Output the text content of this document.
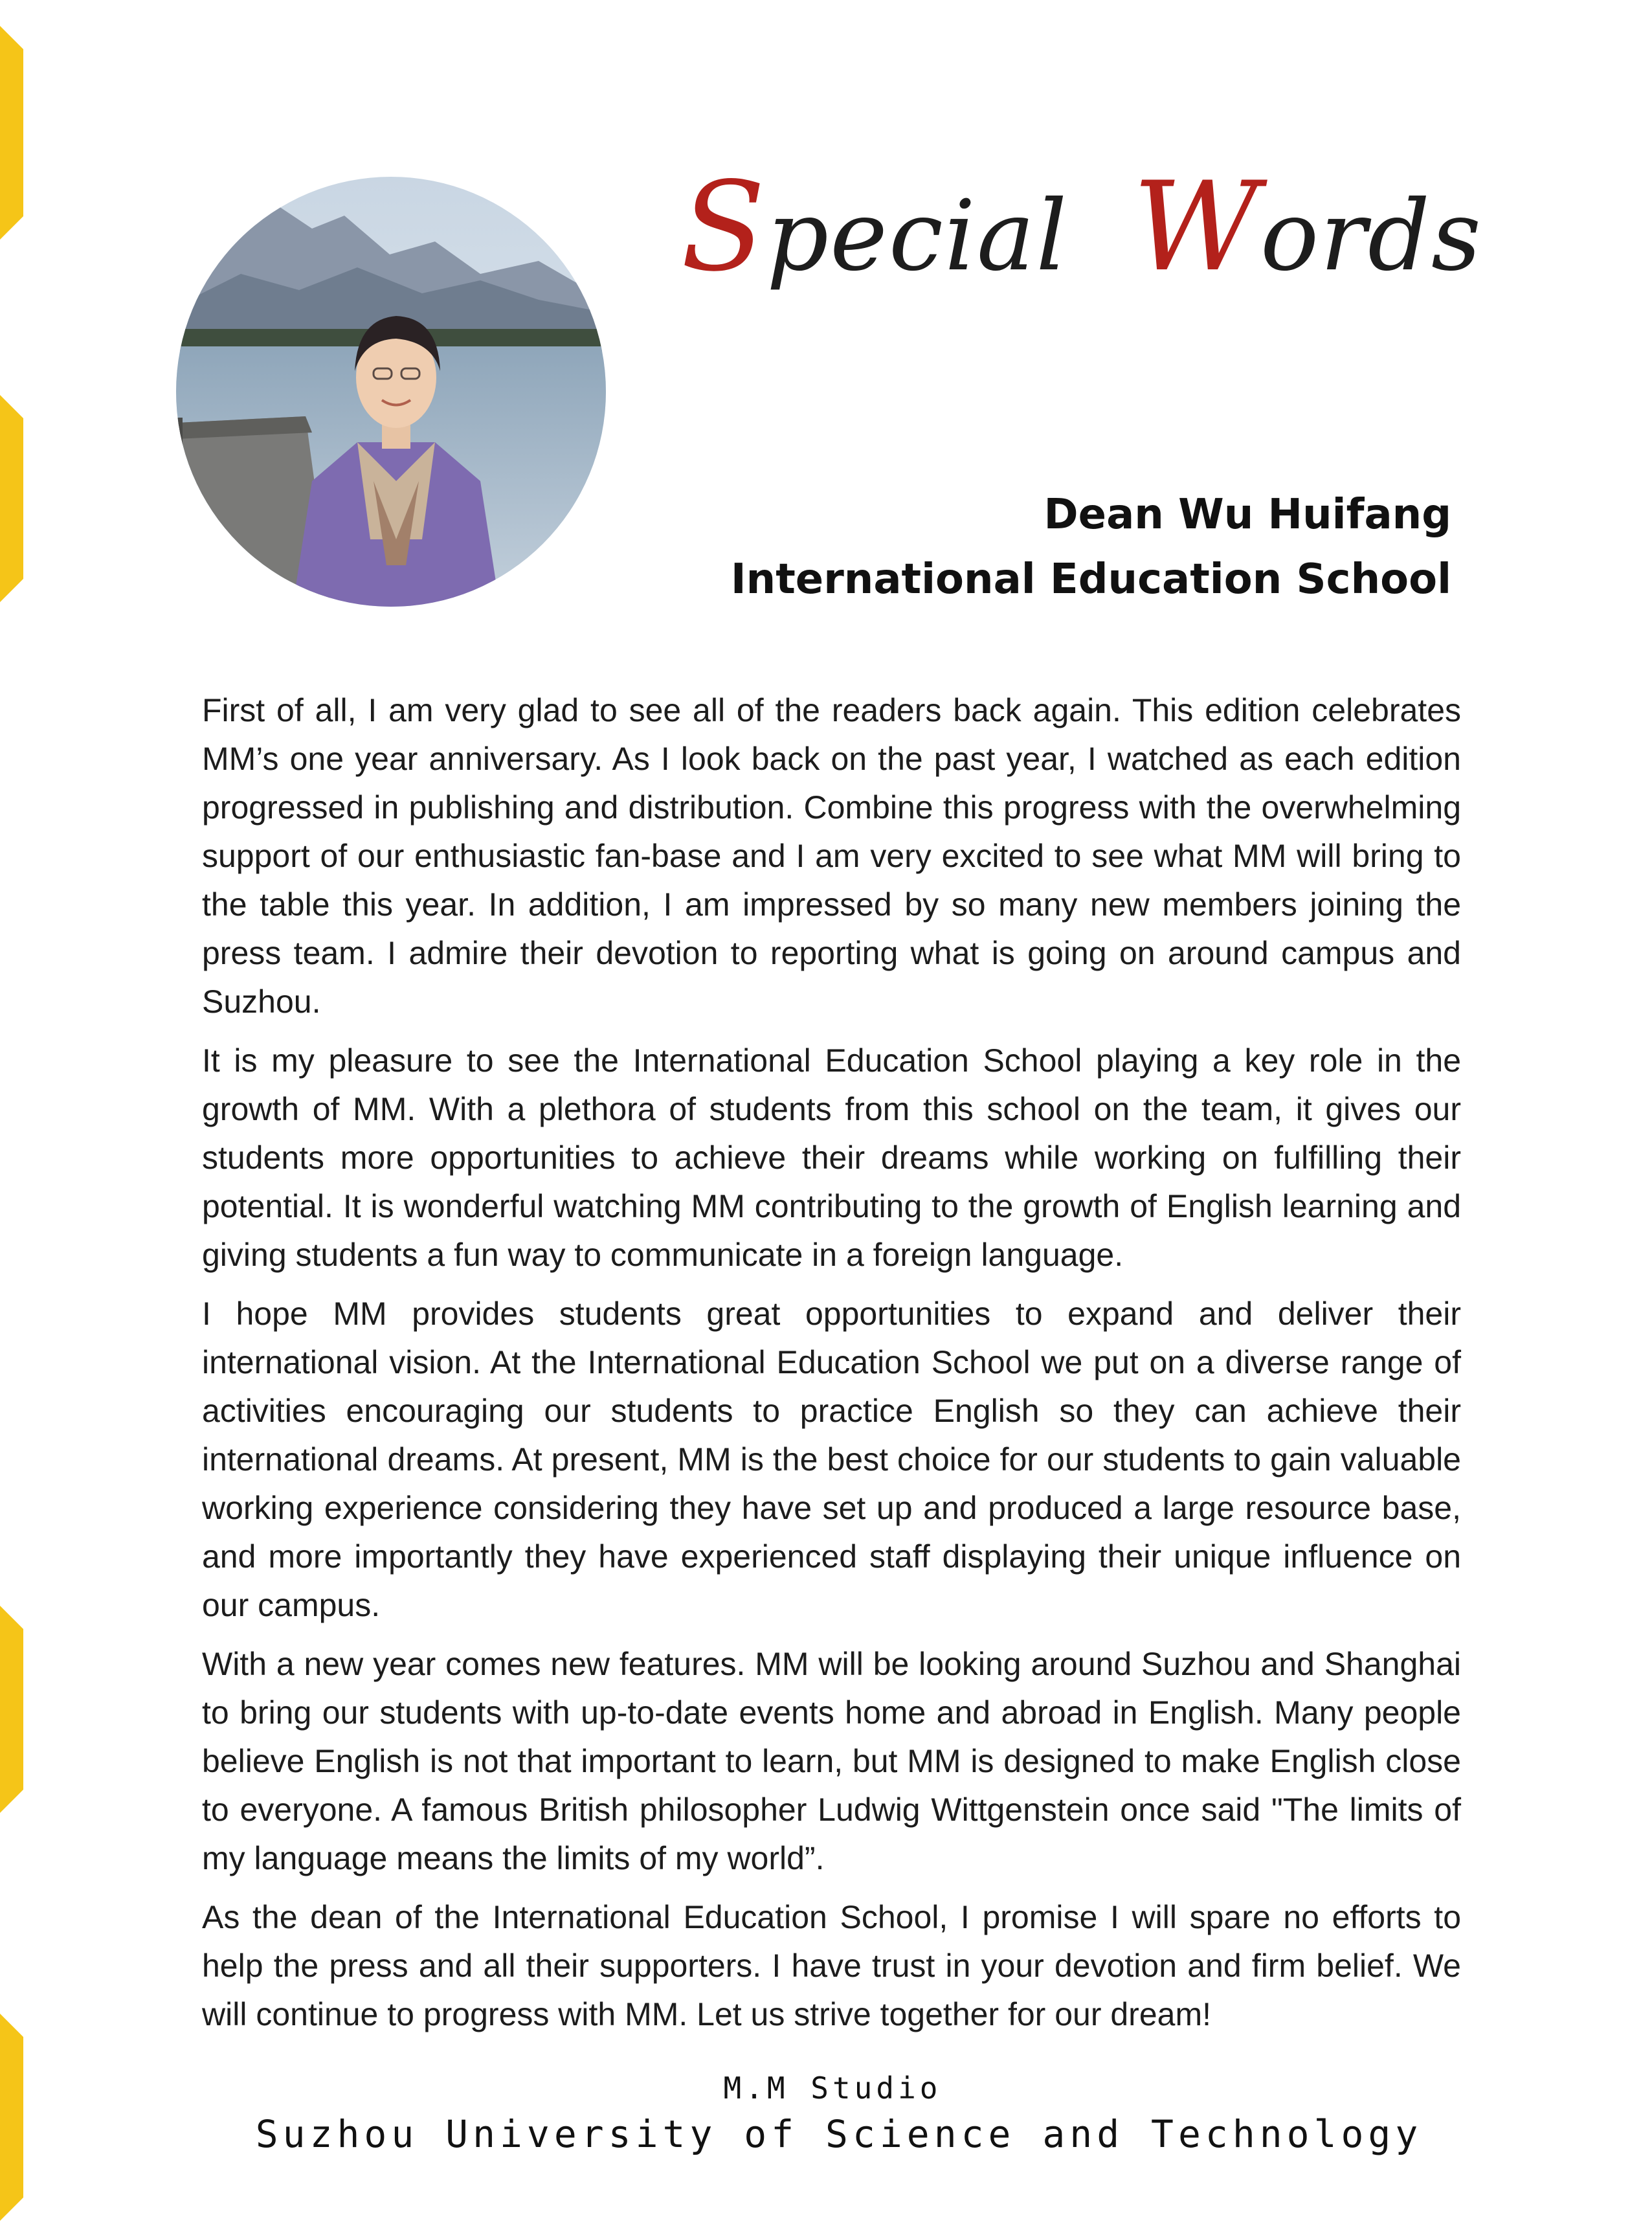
Special Words
Dean Wu Huifang
International Education School

First of all, I am very glad to see all of the readers back again. This edition celebrates MM’s one year anniversary. As I look back on the past year, I watched as each edition progressed in publishing and distribution. Combine this progress with the overwhelming support of our enthusiastic fan-base and I am very excited to see what MM will bring to the table this year. In addition, I am impressed by so many new members joining the press team. I admire their devotion to reporting what is going on around campus and Suzhou.

It is my pleasure to see the International Education School playing a key role in the growth of MM. With a plethora of students from this school on the team, it gives our students more opportunities to achieve their dreams while working on fulfilling their potential. It is wonderful watching MM contributing to the growth of English learning and giving students a fun way to communicate in a foreign language.

I hope MM provides students great opportunities to expand and deliver their international vision. At the International Education School we put on a diverse range of activities encouraging our students to practice English so they can achieve their international dreams. At present, MM is the best choice for our students to gain valuable working experience considering they have set up and produced a large resource base, and more importantly they have experienced staff displaying their unique influence on our campus.

With a new year comes new features. MM will be looking around Suzhou and Shanghai to bring our students with up-to-date events home and abroad in English. Many people believe English is not that important to learn, but MM is designed to make English close to everyone. A famous British philosopher Ludwig Wittgenstein once said "The limits of my language means the limits of my world”.

As the dean of the International Education School, I promise I will spare no efforts to help the press and all their supporters. I have trust in your devotion and firm belief. We will continue to progress with MM. Let us strive together for our dream!

M.M Studio
Suzhou University of Science and Technology
